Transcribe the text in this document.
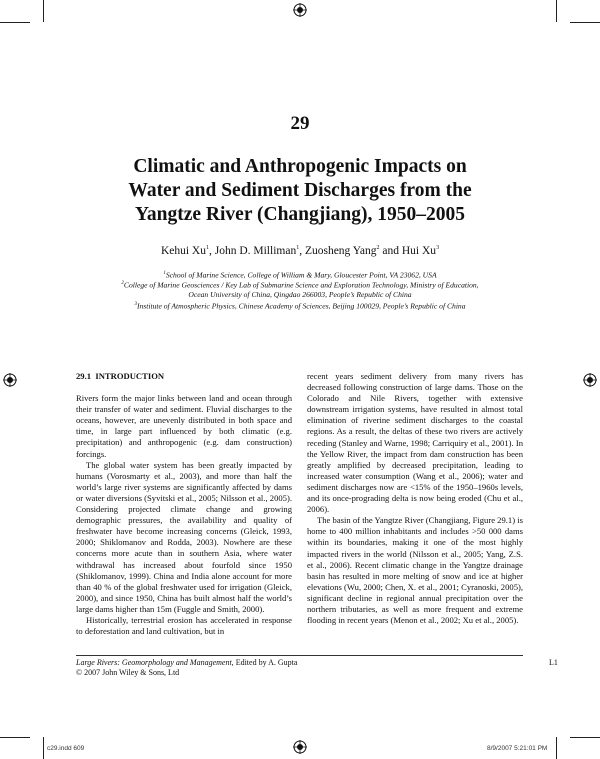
29
Climatic and Anthropogenic Impacts on
Water and Sediment Discharges from the
Yangtze River (Changjiang), 1950–2005
Kehui Xu$^1$, John D. Milliman$^1$, Zuosheng Yang$^2$ and Hui Xu$^3$
$^1$School of Marine Science, College of William & Mary, Gloucester Point, VA 23062, USA
$^2$College of Marine Geosciences / Key Lab of Submarine Science and Exploration Technology, Ministry of Education,
Ocean University of China, Qingdao 266003, People’s Republic of China
$^3$Institute of Atmospheric Physics, Chinese Academy of Sciences, Beijing 100029, People’s Republic of China
29.1 INTRODUCTION

Rivers form the major links between land and ocean through their transfer of water and sediment. Fluvial discharges to the oceans, however, are unevenly distributed in both space and time, in large part influenced by both climatic (e.g. precipitation) and anthropogenic (e.g. dam construction) forcings.

The global water system has been greatly impacted by humans (Vorosmarty et al., 2003), and more than half the world’s large river systems are significantly affected by dams or water diversions (Syvitski et al., 2005; Nilsson et al., 2005). Considering projected climate change and growing demographic pressures, the availability and quality of freshwater have become increasing concerns (Gleick, 1993, 2000; Shiklomanov and Rodda, 2003). Nowhere are these concerns more acute than in southern Asia, where water withdrawal has increased about fourfold since 1950 (Shiklomanov, 1999). China and India alone account for more than 40 % of the global freshwater used for irrigation (Gleick, 2000), and since 1950, China has built almost half the world’s large dams higher than 15m (Fuggle and Smith, 2000).

Historically, terrestrial erosion has accelerated in response to deforestation and land cultivation, but in

recent years sediment delivery from many rivers has decreased following construction of large dams. Those on the Colorado and Nile Rivers, together with extensive downstream irrigation systems, have resulted in almost total elimination of riverine sediment discharges to the coastal regions. As a result, the deltas of these two rivers are actively receding (Stanley and Warne, 1998; Carriquiry et al., 2001). In the Yellow River, the impact from dam construction has been greatly amplified by decreased precipitation, leading to increased water consumption (Wang et al., 2006); water and sediment discharges now are <15% of the 1950–1960s levels, and its once-prograding delta is now being eroded (Chu et al., 2006).

The basin of the Yangtze River (Changjiang, Figure 29.1) is home to 400 million inhabitants and includes >50 000 dams within its boundaries, making it one of the most highly impacted rivers in the world (Nilsson et al., 2005; Yang, Z.S. et al., 2006). Recent climatic change in the Yangtze drainage basin has resulted in more melting of snow and ice at higher elevations (Wu, 2000; Chen, X. et al., 2001; Cyranoski, 2005), significant decline in regional annual precipitation over the northern tributaries, as well as more frequent and extreme flooding in recent years (Menon et al., 2002; Xu et al., 2005).

Large Rivers: Geomorphology and Management, Edited by A. Gupta
© 2007 John Wiley & Sons, Ltd
L1
c29.indd 609	8/9/2007 5:21:01 PM
